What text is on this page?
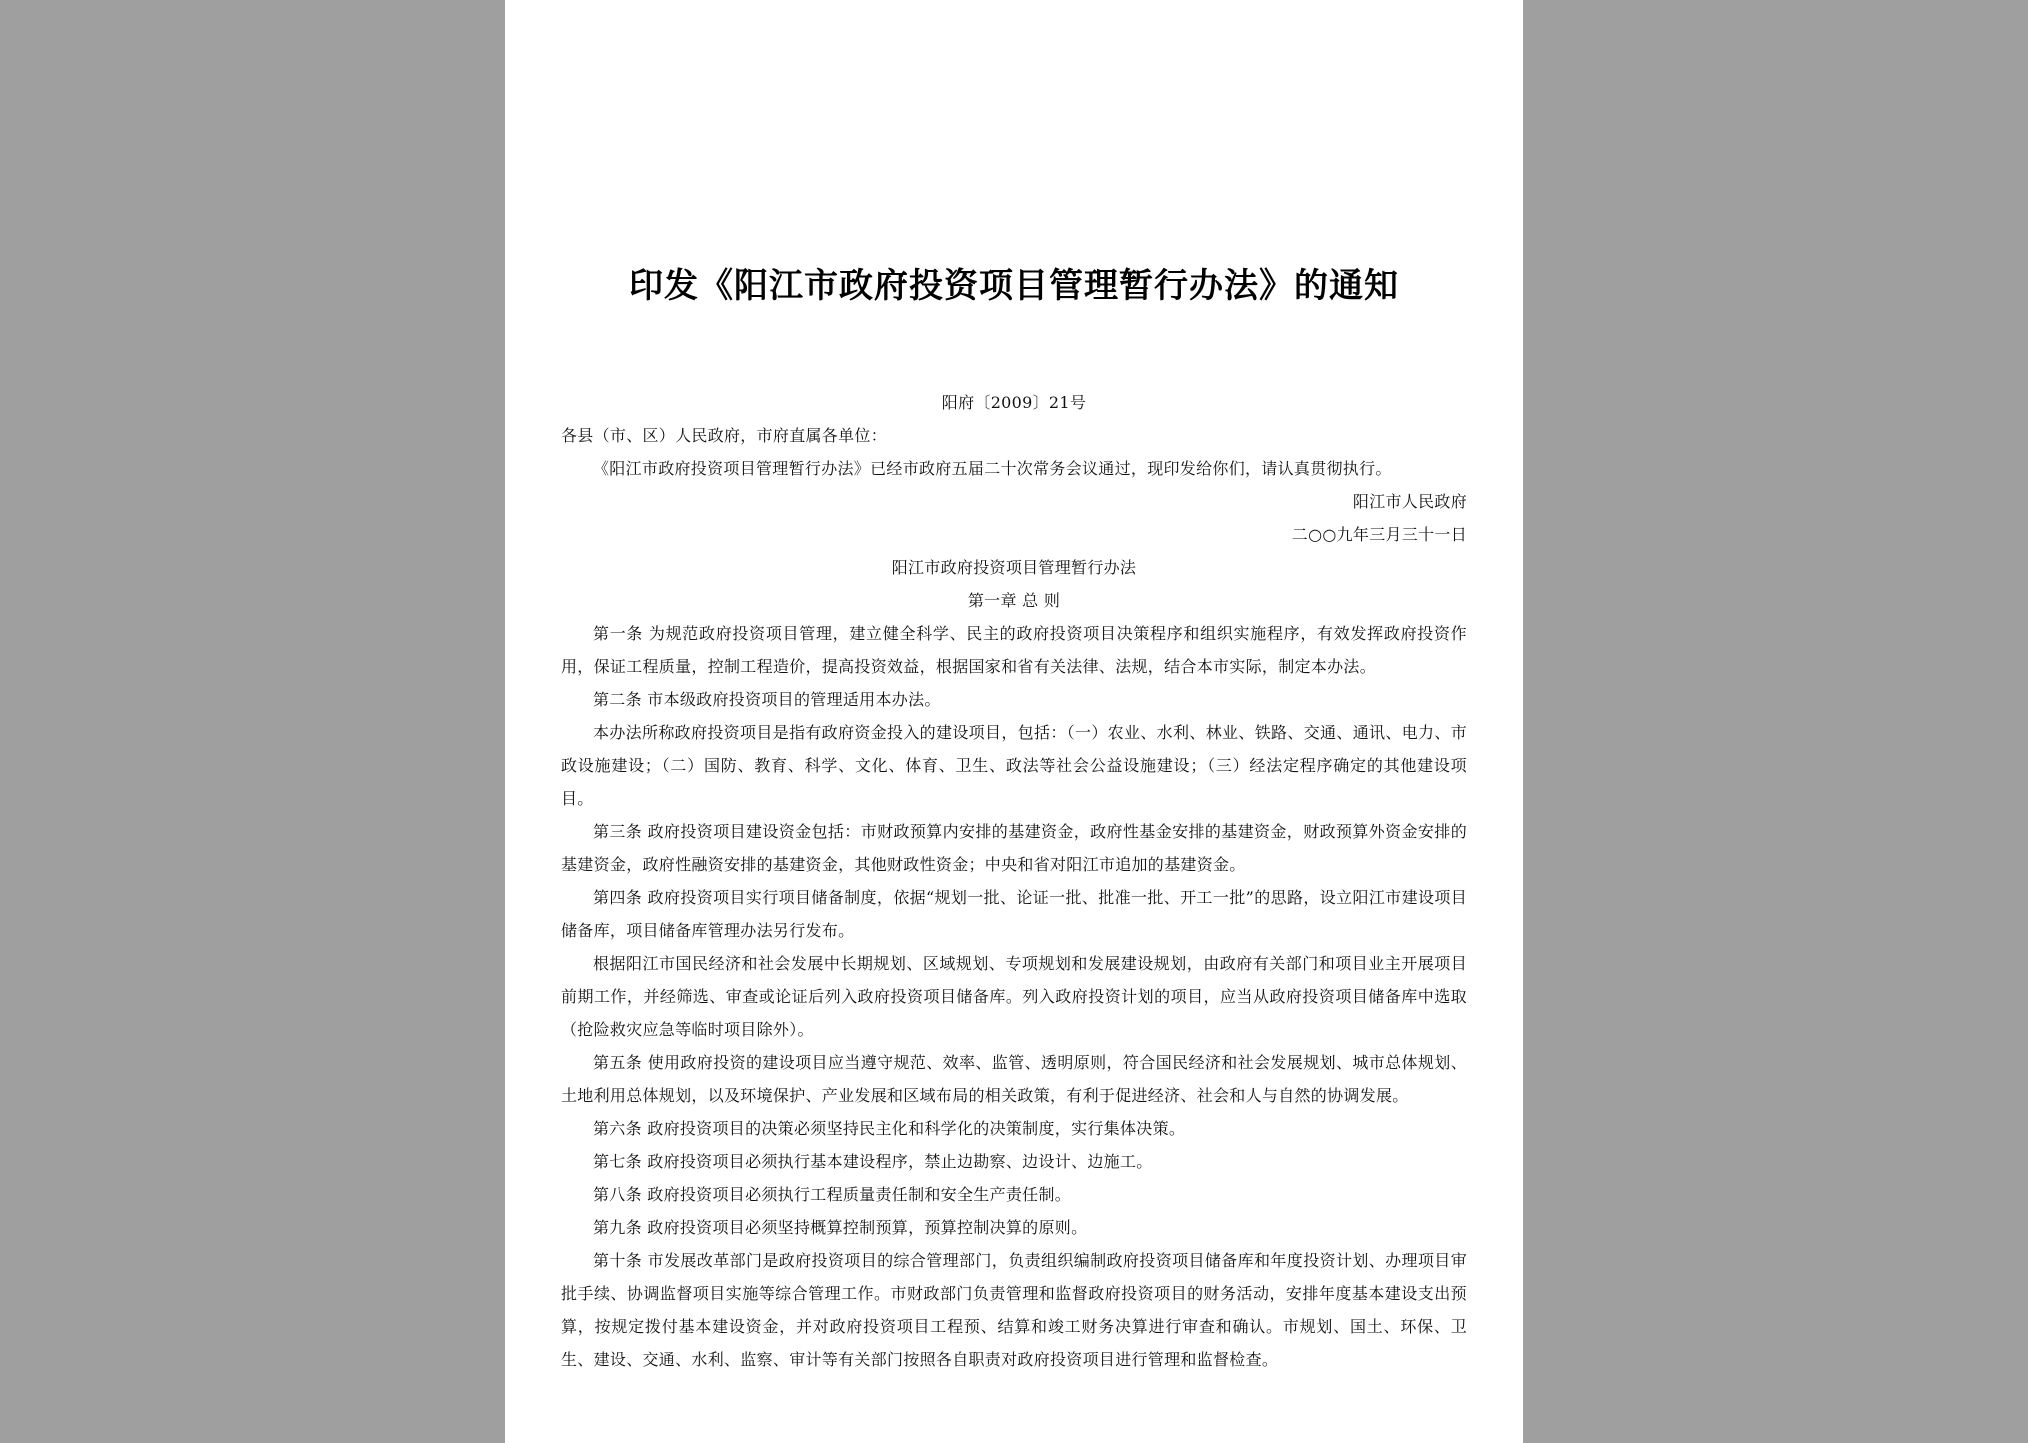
印发《阳江市政府投资项目管理暂行办法》的通知

阳府〔2009〕21号

各县（市、区）人民政府，市府直属各单位：

《阳江市政府投资项目管理暂行办法》已经市政府五届二十次常务会议通过，现印发给你们，请认真贯彻执行。

阳江市人民政府

二○○九年三月三十一日

阳江市政府投资项目管理暂行办法

第一章 总 则

第一条 为规范政府投资项目管理，建立健全科学、民主的政府投资项目决策程序和组织实施程序，有效发挥政府投资作用，保证工程质量，控制工程造价，提高投资效益，根据国家和省有关法律、法规，结合本市实际，制定本办法。

第二条 市本级政府投资项目的管理适用本办法。

本办法所称政府投资项目是指有政府资金投入的建设项目，包括：（一）农业、水利、林业、铁路、交通、通讯、电力、市政设施建设；（二）国防、教育、科学、文化、体育、卫生、政法等社会公益设施建设；（三）经法定程序确定的其他建设项目。

第三条 政府投资项目建设资金包括：市财政预算内安排的基建资金，政府性基金安排的基建资金，财政预算外资金安排的基建资金，政府性融资安排的基建资金，其他财政性资金；中央和省对阳江市追加的基建资金。

第四条 政府投资项目实行项目储备制度，依据“规划一批、论证一批、批准一批、开工一批”的思路，设立阳江市建设项目储备库，项目储备库管理办法另行发布。

根据阳江市国民经济和社会发展中长期规划、区域规划、专项规划和发展建设规划，由政府有关部门和项目业主开展项目前期工作，并经筛选、审查或论证后列入政府投资项目储备库。列入政府投资计划的项目，应当从政府投资项目储备库中选取（抢险救灾应急等临时项目除外）。

第五条 使用政府投资的建设项目应当遵守规范、效率、监管、透明原则，符合国民经济和社会发展规划、城市总体规划、土地利用总体规划，以及环境保护、产业发展和区域布局的相关政策，有利于促进经济、社会和人与自然的协调发展。

第六条 政府投资项目的决策必须坚持民主化和科学化的决策制度，实行集体决策。

第七条 政府投资项目必须执行基本建设程序，禁止边勘察、边设计、边施工。

第八条 政府投资项目必须执行工程质量责任制和安全生产责任制。

第九条 政府投资项目必须坚持概算控制预算，预算控制决算的原则。

第十条 市发展改革部门是政府投资项目的综合管理部门，负责组织编制政府投资项目储备库和年度投资计划、办理项目审批手续、协调监督项目实施等综合管理工作。市财政部门负责管理和监督政府投资项目的财务活动，安排年度基本建设支出预算，按规定拨付基本建设资金，并对政府投资项目工程预、结算和竣工财务决算进行审查和确认。市规划、国土、环保、卫生、建设、交通、水利、监察、审计等有关部门按照各自职责对政府投资项目进行管理和监督检查。
